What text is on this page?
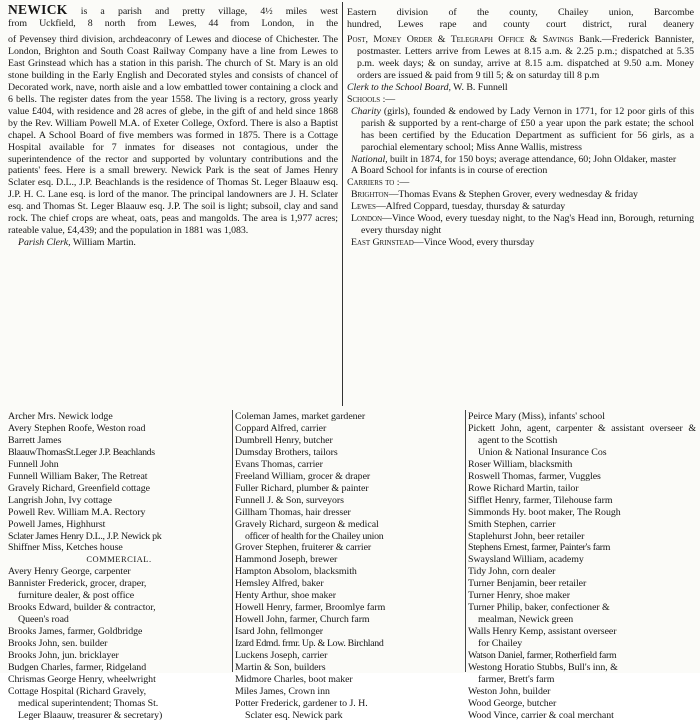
NEWICK is a parish and pretty village, 4½ miles west

from Uckfield, 8 north from Lewes, 44 from London, in the

Eastern division of the county, Chailey union, Barcombe

hundred, Lewes rape and county court district, rural deanery

of Pevensey third division, archdeaconry of Lewes and diocese of Chichester. The London, Brighton and South Coast Railway Company have a line from Lewes to East Grinstead which has a station in this parish. The church of St. Mary is an old stone building in the Early English and Decorated styles and consists of chancel of Decorated work, nave, north aisle and a low embattled tower containing a clock and 6 bells. The register dates from the year 1558. The living is a rectory, gross yearly value £404, with residence and 28 acres of glebe, in the gift of and held since 1868 by the Rev. William Powell M.A. of Exeter College, Oxford. There is also a Baptist chapel. A School Board of five members was formed in 1875. There is a Cottage Hospital available for 7 inmates for diseases not contagious, under the superintendence of the rector and supported by voluntary contributions and the patients' fees. Here is a small brewery. Newick Park is the seat of James Henry Sclater esq. D.L., J.P. Beachlands is the residence of Thomas St. Leger Blaauw esq. J.P. H. C. Lane esq. is lord of the manor. The principal landowners are J. H. Sclater esq. and Thomas St. Leger Blaauw esq. J.P. The soil is light; subsoil, clay and sand rock. The chief crops are wheat, oats, peas and mangolds. The area is 1,977 acres; rateable value, £4,439; and the population in 1881 was 1,083.

Parish Clerk, William Martin.

Post, Money Order & Telegraph Office & Savings Bank.—Frederick Bannister, postmaster. Letters arrive from Lewes at 8.15 a.m. & 2.25 p.m.; dispatched at 5.35 p.m. week days; & on sunday, arrive at 8.15 a.m. dispatched at 9.50 a.m. Money orders are issued & paid from 9 till 5; & on saturday till 8 p.m

Clerk to the School Board, W. B. Funnell

Schools :—

Charity (girls), founded & endowed by Lady Vernon in 1771, for 12 poor girls of this parish & supported by a rent-charge of £50 a year upon the park estate; the school has been certified by the Education Department as sufficient for 56 girls, as a parochial elementary school; Miss Anne Wallis, mistress

National, built in 1874, for 150 boys; average attendance, 60; John Oldaker, master

A Board School for infants is in course of erection

Carriers to :—

Brighton—Thomas Evans & Stephen Grover, every wednesday & friday

Lewes—Alfred Coppard, tuesday, thursday & saturday

London—Vince Wood, every tuesday night, to the Nag's Head inn, Borough, returning every thursday night

East Grinstead—Vince Wood, every thursday

Archer Mrs. Newick lodge

Avery Stephen Roofe, Weston road

Barrett James

BlaauwThomasSt.Leger J.P. Beachlands

Funnell John

Funnell William Baker, The Retreat

Gravely Richard, Greenfield cottage

Langrish John, Ivy cottage

Powell Rev. William M.A. Rectory

Powell James, Highhurst

Sclater James Henry D.L., J.P. Newick pk

Shiffner Miss, Ketches house

COMMERCIAL.

Avery Henry George, carpenter

Bannister Frederick, grocer, draper,

furniture dealer, & post office

Brooks Edward, builder & contractor,

Queen's road

Brooks James, farmer, Goldbridge

Brooks John, sen. builder

Brooks John, jun. bricklayer

Budgen Charles, farmer, Ridgeland

Chrismas George Henry, wheelwright

Cottage Hospital (Richard Gravely,

medical superintendent; Thomas St.

Leger Blaauw, treasurer & secretary)

Coleman James, market gardener

Coppard Alfred, carrier

Dumbrell Henry, butcher

Dumsday Brothers, tailors

Evans Thomas, carrier

Freeland William, grocer & draper

Fuller Richard, plumber & painter

Funnell J. & Son, surveyors

Gillham Thomas, hair dresser

Gravely Richard, surgeon & medical

officer of health for the Chailey union

Grover Stephen, fruiterer & carrier

Hammond Joseph, brewer

Hampton Absolom, blacksmith

Hemsley Alfred, baker

Henty Arthur, shoe maker

Howell Henry, farmer, Broomlye farm

Howell John, farmer, Church farm

Isard John, fellmonger

Izard Edmd. frmr. Up. & Low. Birchland

Luckens Joseph, carrier

Martin & Son, builders

Midmore Charles, boot maker

Miles James, Crown inn

Potter Frederick, gardener to J. H.

Sclater esq. Newick park

Peirce Mary (Miss), infants' school

Pickett John, agent, carpenter & assistant overseer & agent to the Scottish

Union & National Insurance Cos

Roser William, blacksmith

Roswell Thomas, farmer, Vuggles

Rowe Richard Martin, tailor

Sifflet Henry, farmer, Tilehouse farm

Simmonds Hy. boot maker, The Rough

Smith Stephen, carrier

Staplehurst John, beer retailer

Stephens Ernest, farmer, Painter's farm

Swaysland William, academy

Tidy John, corn dealer

Turner Benjamin, beer retailer

Turner Henry, shoe maker

Turner Philip, baker, confectioner &

mealman, Newick green

Walls Henry Kemp, assistant overseer

for Chailey

Watson Daniel, farmer, Rotherfield farm

Westong Horatio Stubbs, Bull's inn, &

farmer, Brett's farm

Weston John, builder

Wood George, butcher

Wood Vince, carrier & coal merchant
